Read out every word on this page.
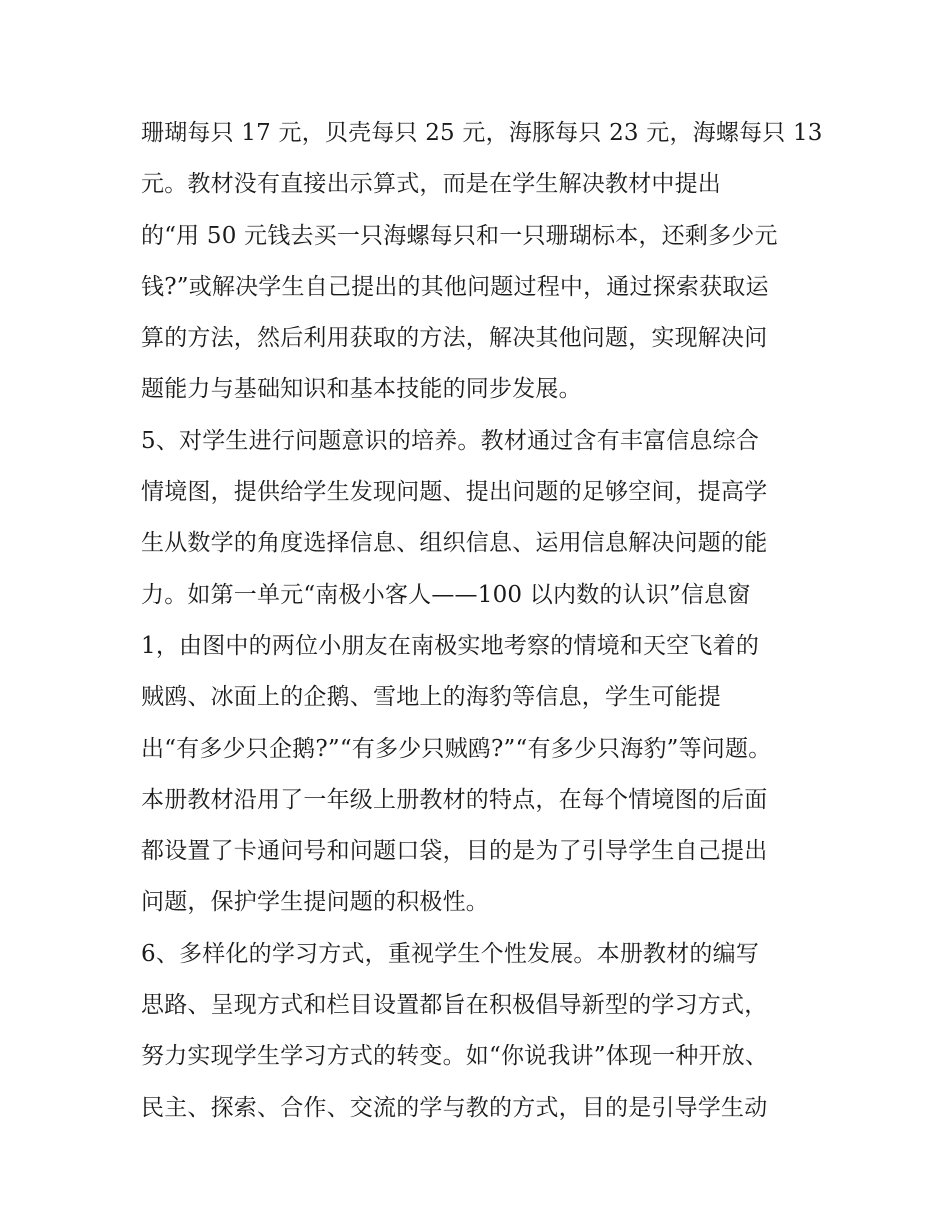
珊瑚每只 17 元，贝壳每只 25 元，海豚每只 23 元，海螺每只 13
元。教材没有直接出示算式，而是在学生解决教材中提出
的“用 50 元钱去买一只海螺每只和一只珊瑚标本，还剩多少元
钱?”或解决学生自己提出的其他问题过程中，通过探索获取运
算的方法，然后利用获取的方法，解决其他问题，实现解决问
题能力与基础知识和基本技能的同步发展。
5、对学生进行问题意识的培养。教材通过含有丰富信息综合
情境图，提供给学生发现问题、提出问题的足够空间，提高学
生从数学的角度选择信息、组织信息、运用信息解决问题的能
力。如第一单元“南极小客人——100 以内数的认识”信息窗
1，由图中的两位小朋友在南极实地考察的情境和天空飞着的
贼鸥、冰面上的企鹅、雪地上的海豹等信息，学生可能提
出“有多少只企鹅?”“有多少只贼鸥?”“有多少只海豹”等问题。
本册教材沿用了一年级上册教材的特点，在每个情境图的后面
都设置了卡通问号和问题口袋，目的是为了引导学生自己提出
问题，保护学生提问题的积极性。
6、多样化的学习方式，重视学生个性发展。本册教材的编写
思路、呈现方式和栏目设置都旨在积极倡导新型的学习方式，
努力实现学生学习方式的转变。如“你说我讲”体现一种开放、
民主、探索、合作、交流的学与教的方式，目的是引导学生动
